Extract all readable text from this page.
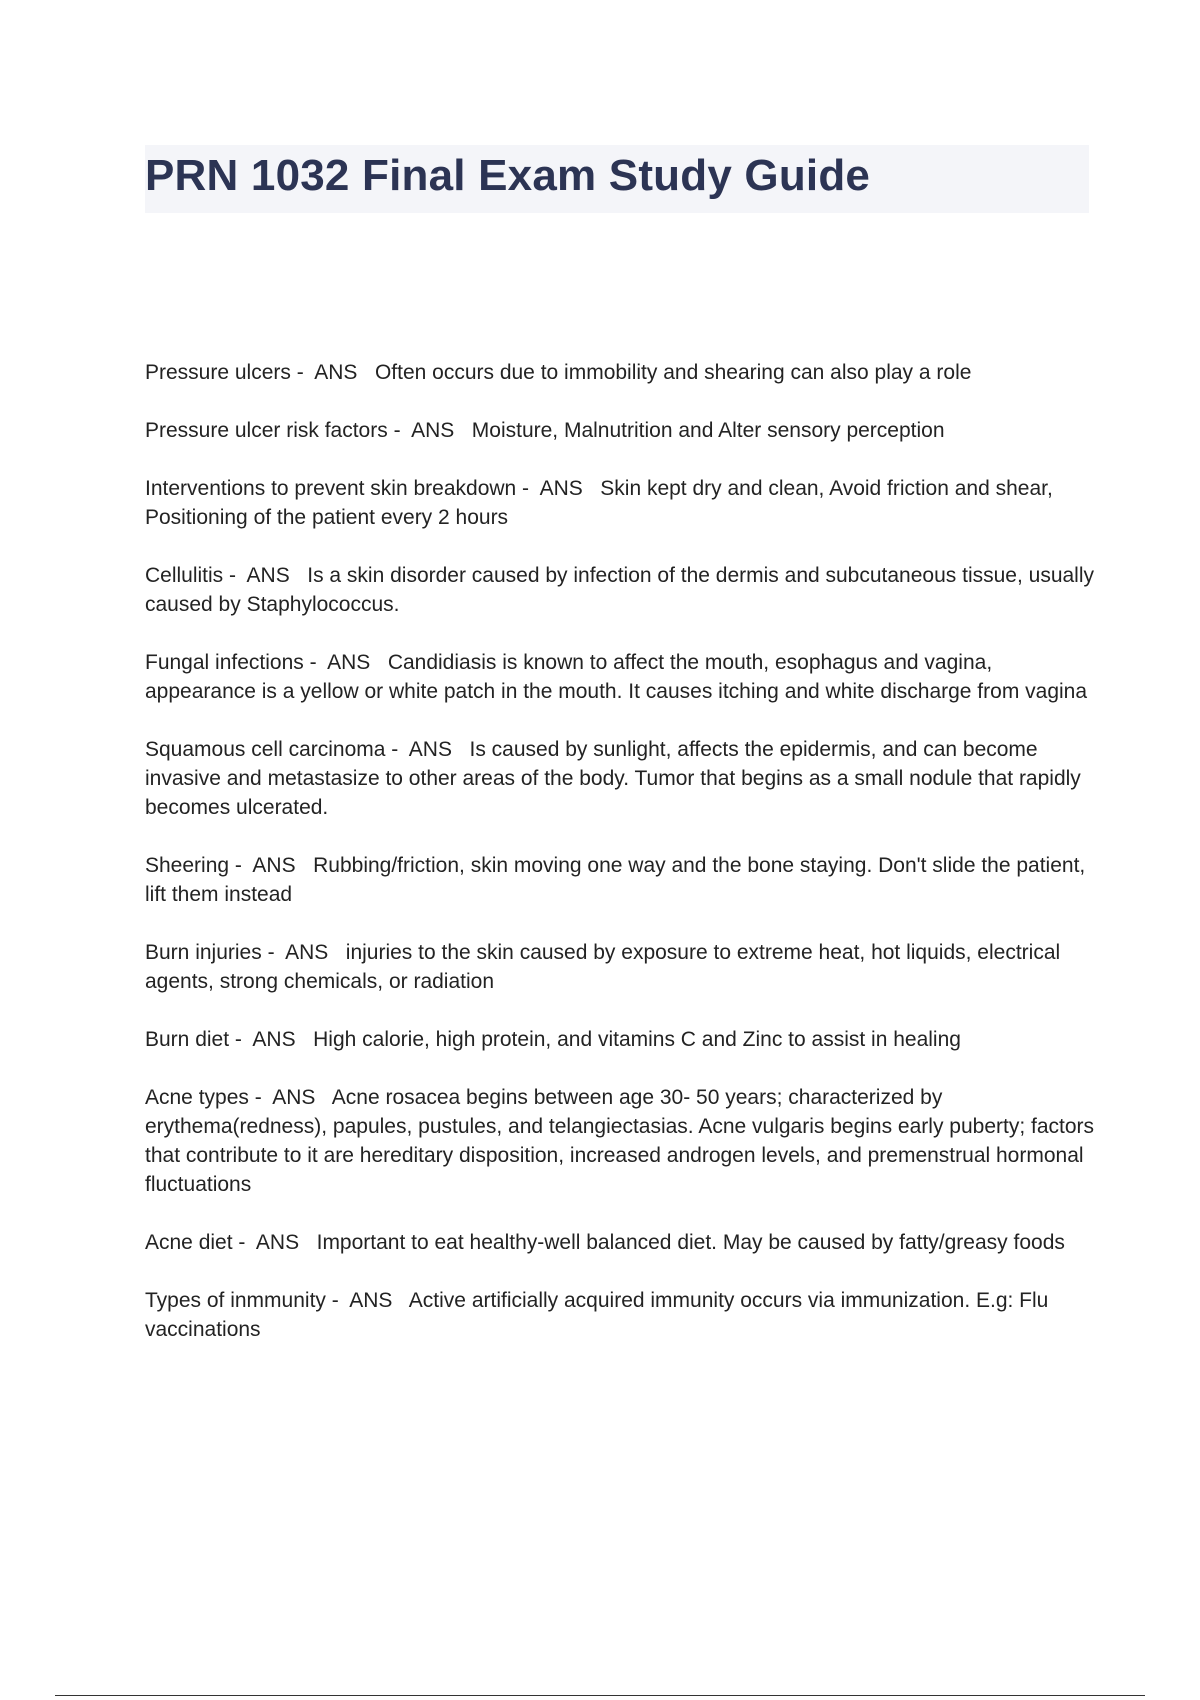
PRN 1032 Final Exam Study Guide

Pressure ulcers -  ANS Often occurs due to immobility and shearing can also play a role

Pressure ulcer risk factors -  ANS Moisture, Malnutrition and Alter sensory perception

Interventions to prevent skin breakdown -  ANS Skin kept dry and clean, Avoid friction and shear, Positioning of the patient every 2 hours

Cellulitis -  ANS Is a skin disorder caused by infection of the dermis and subcutaneous tissue, usually caused by Staphylococcus.

Fungal infections -  ANS Candidiasis is known to affect the mouth, esophagus and vagina, appearance is a yellow or white patch in the mouth. It causes itching and white discharge from vagina

Squamous cell carcinoma -  ANS Is caused by sunlight, affects the epidermis, and can become invasive and metastasize to other areas of the body. Tumor that begins as a small nodule that rapidly becomes ulcerated.

Sheering -  ANS Rubbing/friction, skin moving one way and the bone staying. Don't slide the patient, lift them instead

Burn injuries -  ANS injuries to the skin caused by exposure to extreme heat, hot liquids, electrical agents, strong chemicals, or radiation

Burn diet -  ANS High calorie, high protein, and vitamins C and Zinc to assist in healing

Acne types -  ANS Acne rosacea begins between age 30- 50 years; characterized by erythema(redness), papules, pustules, and telangiectasias. Acne vulgaris begins early puberty; factors that contribute to it are hereditary disposition, increased androgen levels, and premenstrual hormonal fluctuations

Acne diet -  ANS Important to eat healthy-well balanced diet. May be caused by fatty/greasy foods

Types of inmmunity -  ANS Active artificially acquired immunity occurs via immunization. E.g: Flu vaccinations
